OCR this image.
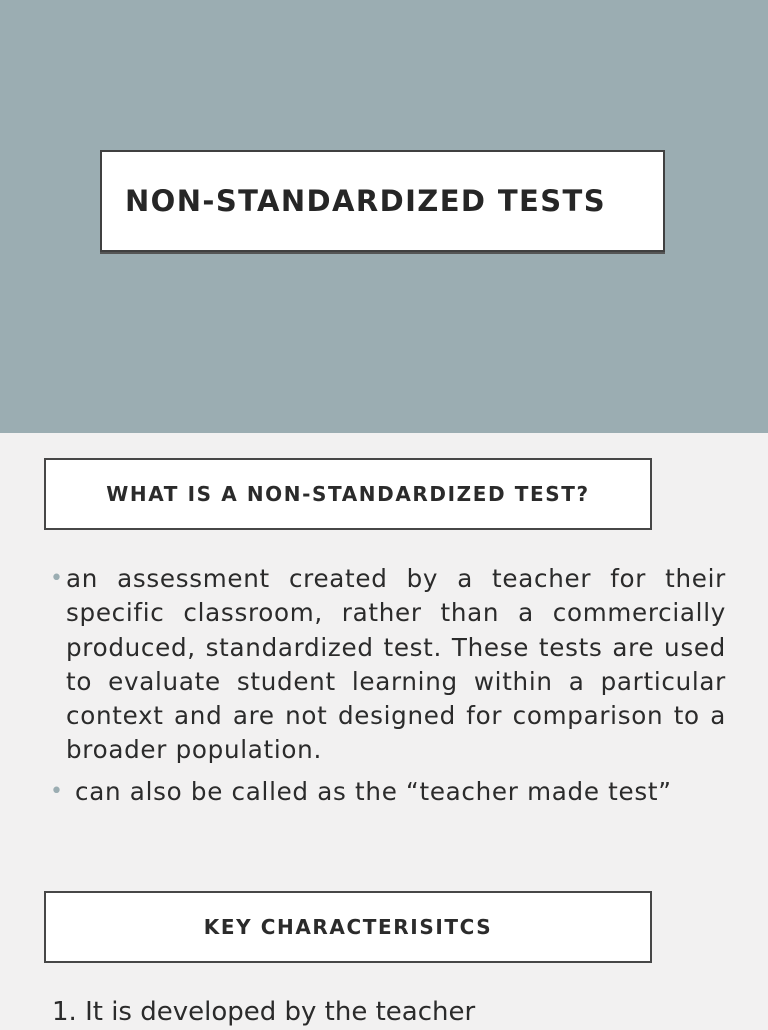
NON-STANDARDIZED TESTS
WHAT IS A NON-STANDARDIZED TEST?
• an assessment created by a teacher for their specific classroom, rather than a commercially produced, standardized test. These tests are used to evaluate student learning within a particular context and are not designed for comparison to a broader population.
• can also be called as the “teacher made test”
KEY CHARACTERISITCS

1. It is developed by the teacher
